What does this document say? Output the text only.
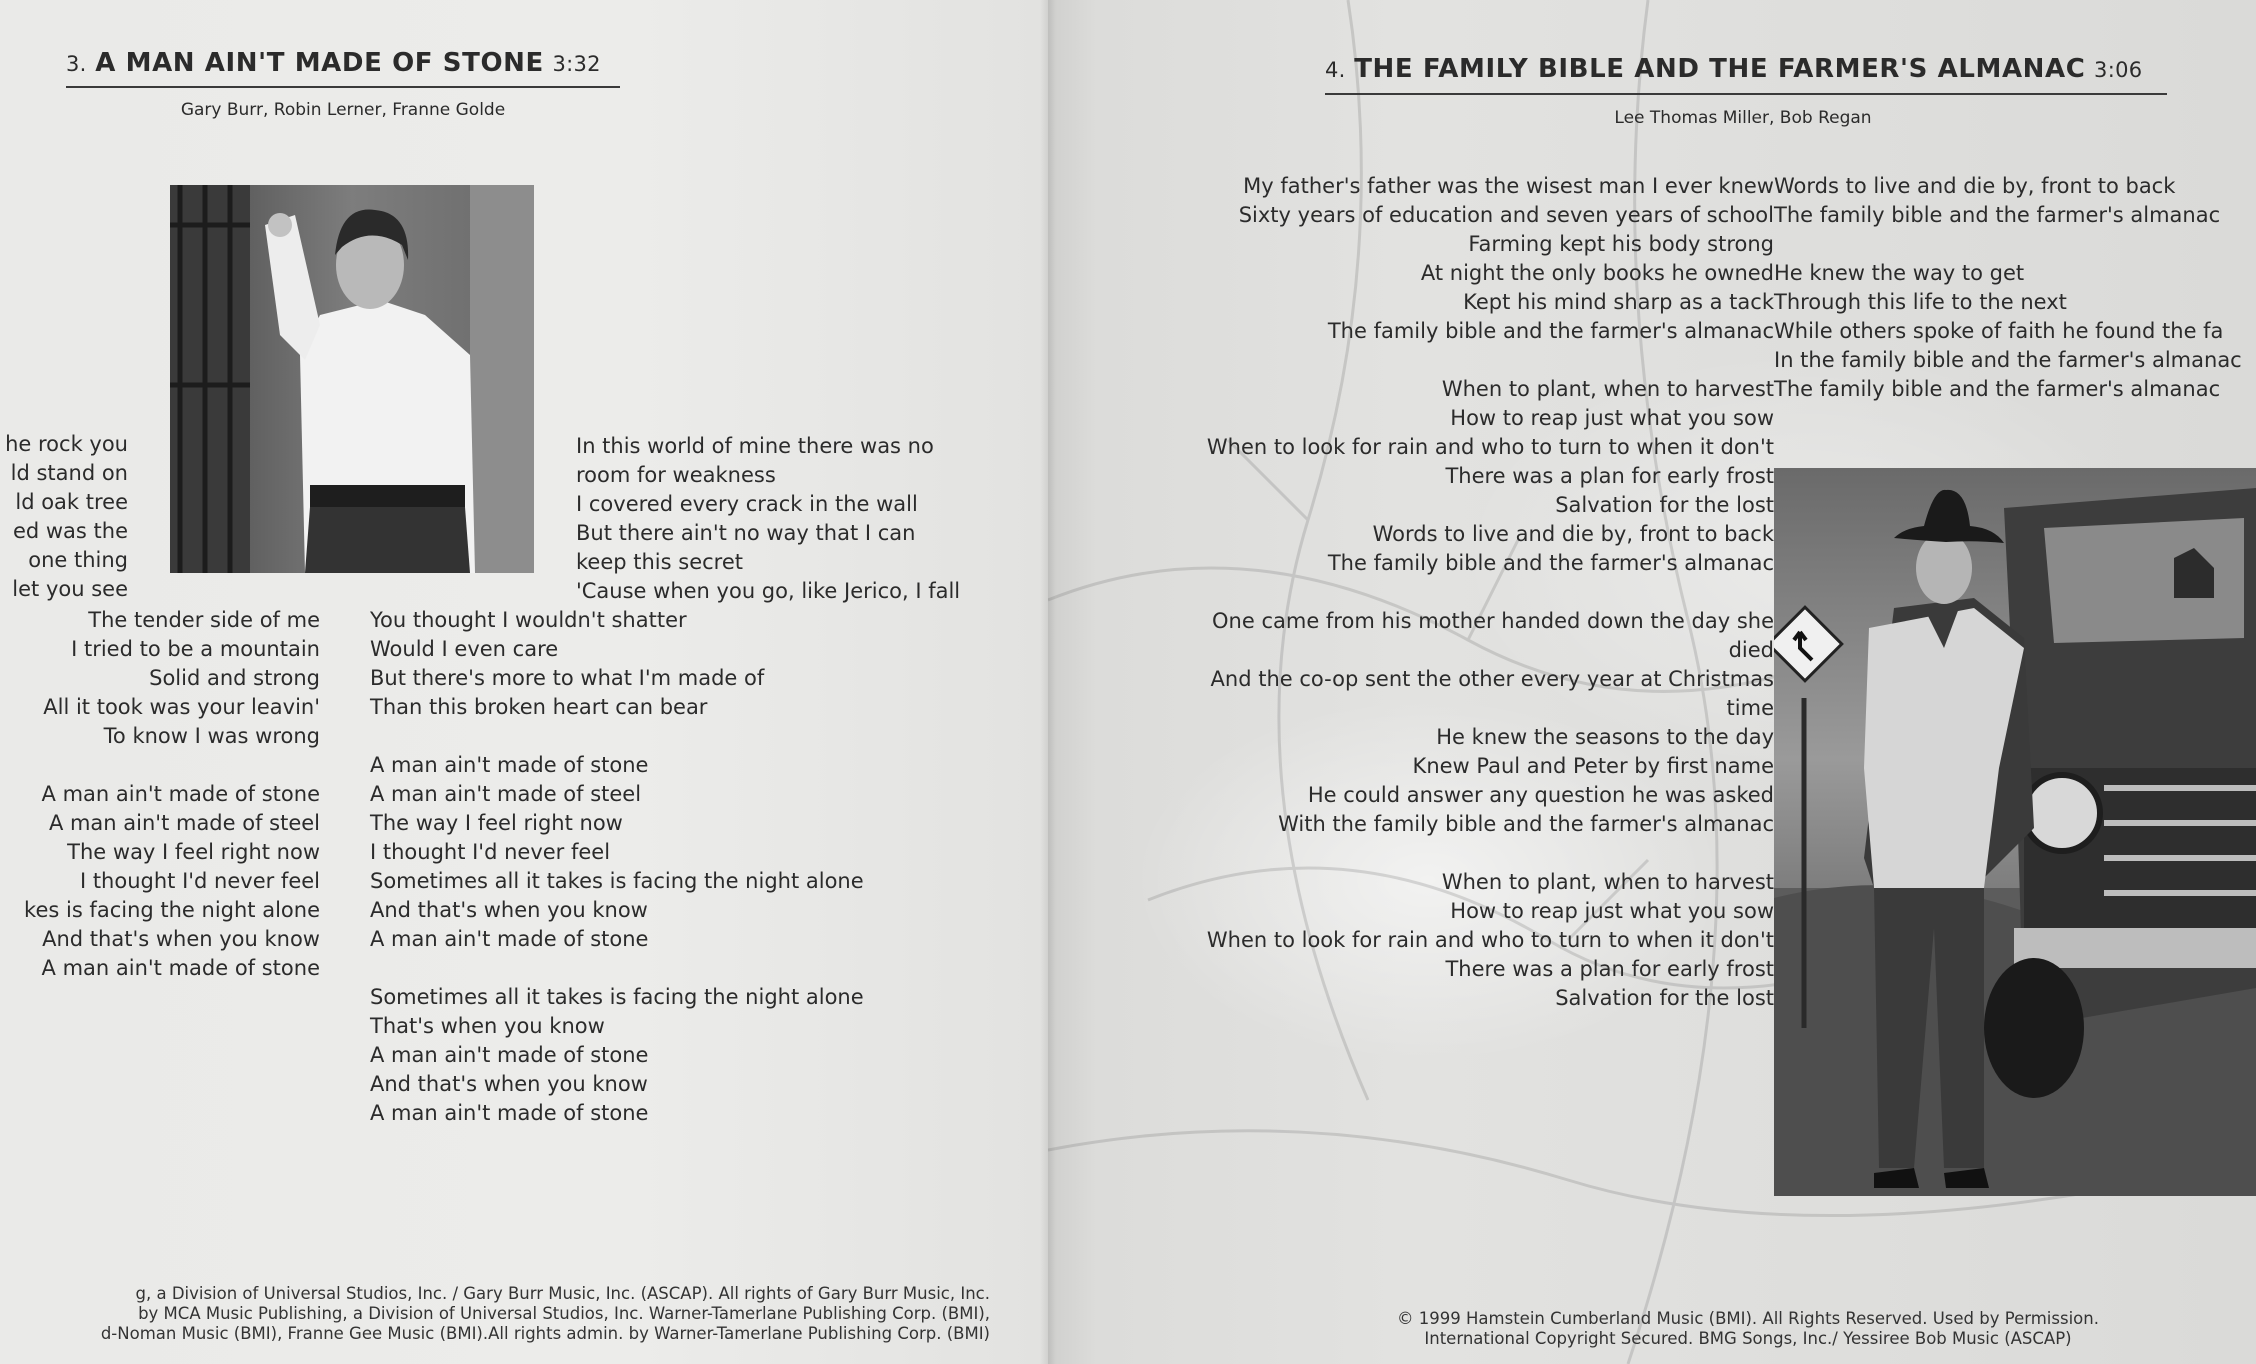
3. A MAN AIN'T MADE OF STONE 3:32
Gary Burr, Robin Lerner, Franne Golde
he rock you
ld stand on
ld oak tree
ed was the
one thing
let you see
The tender side of me
I tried to be a mountain
Solid and strong
All it took was your leavin'
To know I was wrong
A man ain't made of stone
A man ain't made of steel
The way I feel right now
I thought I'd never feel
kes is facing the night alone
And that's when you know
A man ain't made of stone
You thought I wouldn't shatter
Would I even care
But there's more to what I'm made of
Than this broken heart can bear
A man ain't made of stone
A man ain't made of steel
The way I feel right now
I thought I'd never feel
Sometimes all it takes is facing the night alone
And that's when you know
A man ain't made of stone
Sometimes all it takes is facing the night alone
That's when you know
A man ain't made of stone
And that's when you know
A man ain't made of stone
In this world of mine there was no
room for weakness
I covered every crack in the wall
But there ain't no way that I can
keep this secret
'Cause when you go, like Jerico, I fall
g, a Division of Universal Studios, Inc. / Gary Burr Music, Inc. (ASCAP). All rights of Gary Burr Music, Inc.
by MCA Music Publishing, a Division of Universal Studios, Inc. Warner-Tamerlane Publishing Corp. (BMI),
d-Noman Music (BMI), Franne Gee Music (BMI).All rights admin. by Warner-Tamerlane Publishing Corp. (BMI)
4. THE FAMILY BIBLE AND THE FARMER'S ALMANAC 3:06
Lee Thomas Miller, Bob Regan
My father's father was the wisest man I ever knew
Sixty years of education and seven years of school
Farming kept his body strong
At night the only books he owned
Kept his mind sharp as a tack
The family bible and the farmer's almanac
When to plant, when to harvest
How to reap just what you sow
When to look for rain and who to turn to when it don't
There was a plan for early frost
Salvation for the lost
Words to live and die by, front to back
The family bible and the farmer's almanac
One came from his mother handed down the day she
died
And the co-op sent the other every year at Christmas
time
He knew the seasons to the day
Knew Paul and Peter by first name
He could answer any question he was asked
With the family bible and the farmer's almanac
When to plant, when to harvest
How to reap just what you sow
When to look for rain and who to turn to when it don't
There was a plan for early frost
Salvation for the lost
Words to live and die by, front to back
The family bible and the farmer's almanac
He knew the way to get
Through this life to the next
While others spoke of faith he found the fa
In the family bible and the farmer's almanac
The family bible and the farmer's almanac
© 1999 Hamstein Cumberland Music (BMI). All Rights Reserved. Used by Permission.
International Copyright Secured. BMG Songs, Inc./ Yessiree Bob Music (ASCAP)
